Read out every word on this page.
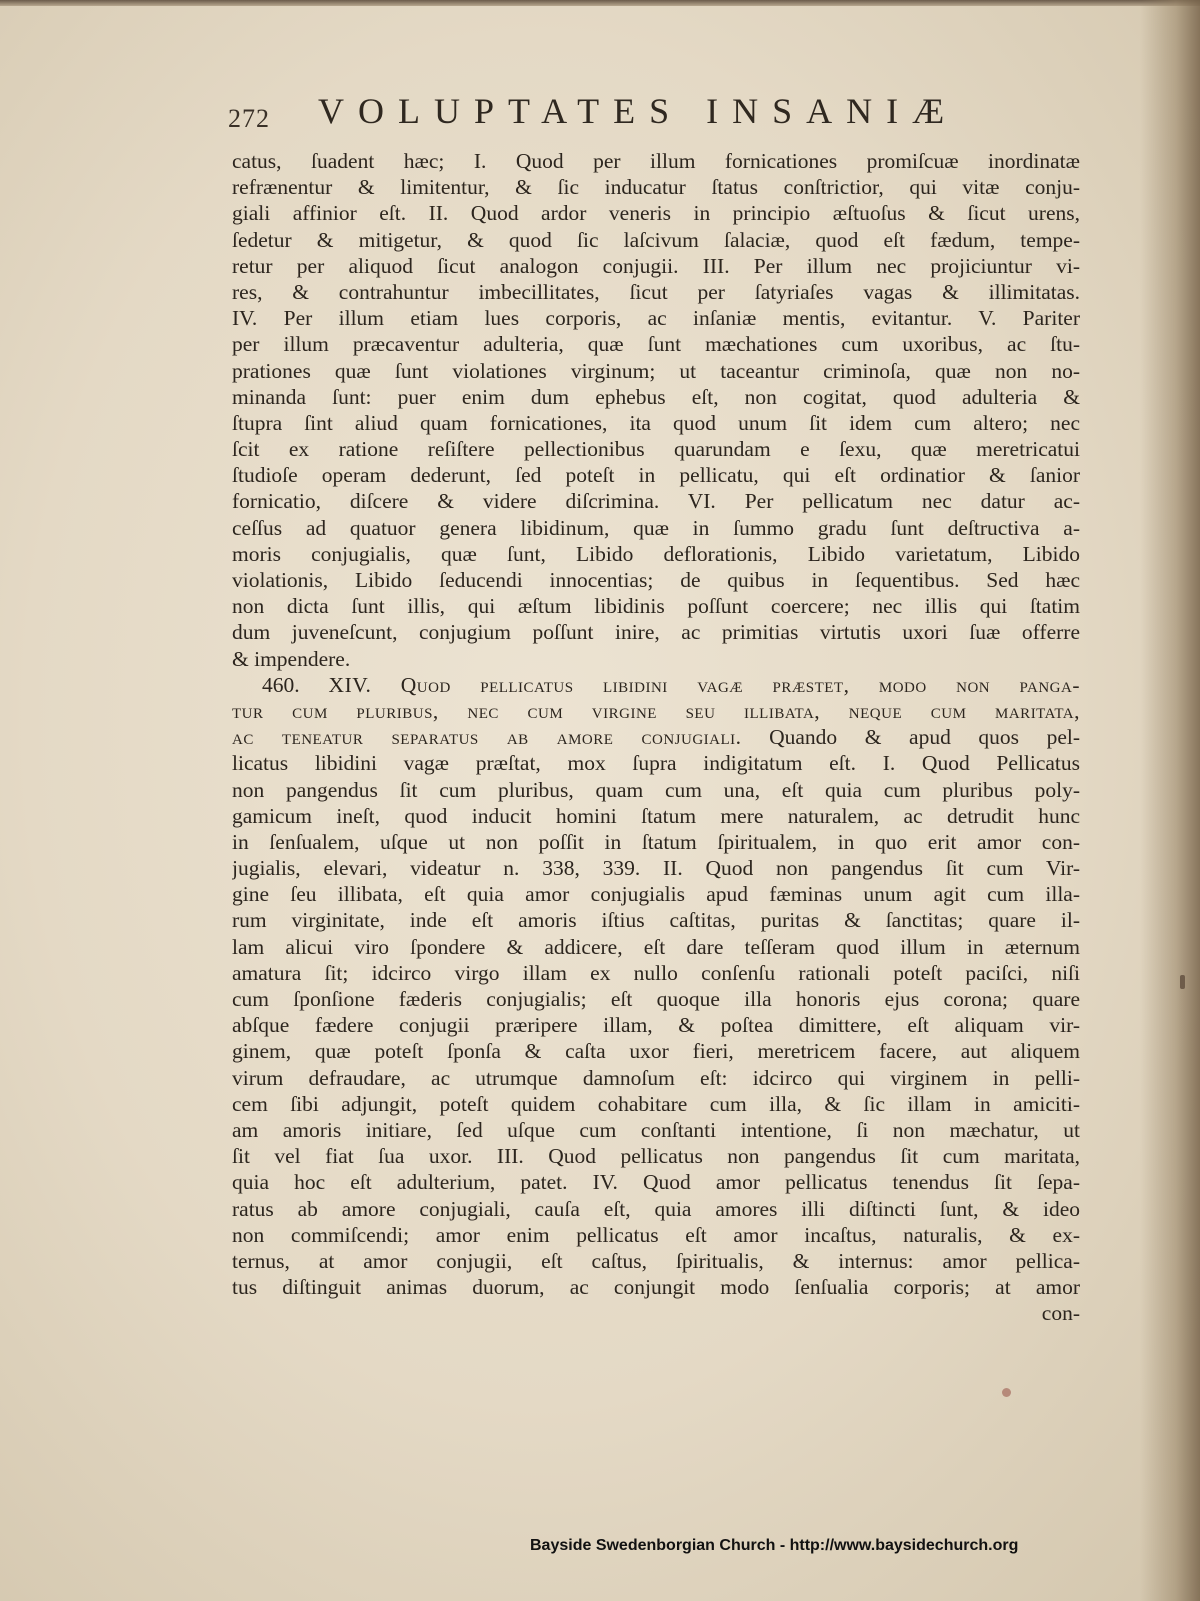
272 VOLUPTATES INSANIÆ
catus, ſuadent hæc; I. Quod per illum fornicationes promiſcuæ inordinatæ
refrænentur & limitentur, & ſic inducatur ſtatus conſtrictior, qui vitæ conju-
giali affinior eſt. II. Quod ardor veneris in principio æſtuoſus & ſicut urens,
ſedetur & mitigetur, & quod ſic laſcivum ſalaciæ, quod eſt fædum, tempe-
retur per aliquod ſicut analogon conjugii. III. Per illum nec projiciuntur vi-
res, & contrahuntur imbecillitates, ſicut per ſatyriaſes vagas & illimitatas.
IV. Per illum etiam lues corporis, ac inſaniæ mentis, evitantur. V. Pariter
per illum præcaventur adulteria, quæ ſunt mæchationes cum uxoribus, ac ſtu-
prationes quæ ſunt violationes virginum; ut taceantur criminoſa, quæ non no-
minanda ſunt: puer enim dum ephebus eſt, non cogitat, quod adulteria &
ſtupra ſint aliud quam fornicationes, ita quod unum ſit idem cum altero; nec
ſcit ex ratione reſiſtere pellectionibus quarundam e ſexu, quæ meretricatui
ſtudioſe operam dederunt, ſed poteſt in pellicatu, qui eſt ordinatior & ſanior
fornicatio, diſcere & videre diſcrimina. VI. Per pellicatum nec datur ac-
ceſſus ad quatuor genera libidinum, quæ in ſummo gradu ſunt deſtructiva a-
moris conjugialis, quæ ſunt, Libido deflorationis, Libido varietatum, Libido
violationis, Libido ſeducendi innocentias; de quibus in ſequentibus. Sed hæc
non dicta ſunt illis, qui æſtum libidinis poſſunt coercere; nec illis qui ſtatim
dum juveneſcunt, conjugium poſſunt inire, ac primitias virtutis uxori ſuæ offerre
& impendere.
460. XIV. Quod pellicatus libidini vagæ præſtet, modo non panga-
tur cum pluribus, nec cum virgine seu illibata, neque cum maritata,
ac teneatur separatus ab amore conjugiali. Quando & apud quos pel-
licatus libidini vagæ præſtat, mox ſupra indigitatum eſt. I. Quod Pellicatus
non pangendus ſit cum pluribus, quam cum una, eſt quia cum pluribus poly-
gamicum ineſt, quod inducit homini ſtatum mere naturalem, ac detrudit hunc
in ſenſualem, uſque ut non poſſit in ſtatum ſpiritualem, in quo erit amor con-
jugialis, elevari, videatur n. 338, 339. II. Quod non pangendus ſit cum Vir-
gine ſeu illibata, eſt quia amor conjugialis apud fæminas unum agit cum illa-
rum virginitate, inde eſt amoris iſtius caſtitas, puritas & ſanctitas; quare il-
lam alicui viro ſpondere & addicere, eſt dare teſſeram quod illum in æternum
amatura ſit; idcirco virgo illam ex nullo conſenſu rationali poteſt paciſci, niſi
cum ſponſione fæderis conjugialis; eſt quoque illa honoris ejus corona; quare
abſque fædere conjugii præripere illam, & poſtea dimittere, eſt aliquam vir-
ginem, quæ poteſt ſponſa & caſta uxor fieri, meretricem facere, aut aliquem
virum defraudare, ac utrumque damnoſum eſt: idcirco qui virginem in pelli-
cem ſibi adjungit, poteſt quidem cohabitare cum illa, & ſic illam in amiciti-
am amoris initiare, ſed uſque cum conſtanti intentione, ſi non mæchatur, ut
ſit vel fiat ſua uxor. III. Quod pellicatus non pangendus ſit cum maritata,
quia hoc eſt adulterium, patet. IV. Quod amor pellicatus tenendus ſit ſepa-
ratus ab amore conjugiali, cauſa eſt, quia amores illi diſtincti ſunt, & ideo
non commiſcendi; amor enim pellicatus eſt amor incaſtus, naturalis, & ex-
ternus, at amor conjugii, eſt caſtus, ſpiritualis, & internus: amor pellica-
tus diſtinguit animas duorum, ac conjungit modo ſenſualia corporis; at amor
con-
Bayside Swedenborgian Church - http://www.baysidechurch.org
